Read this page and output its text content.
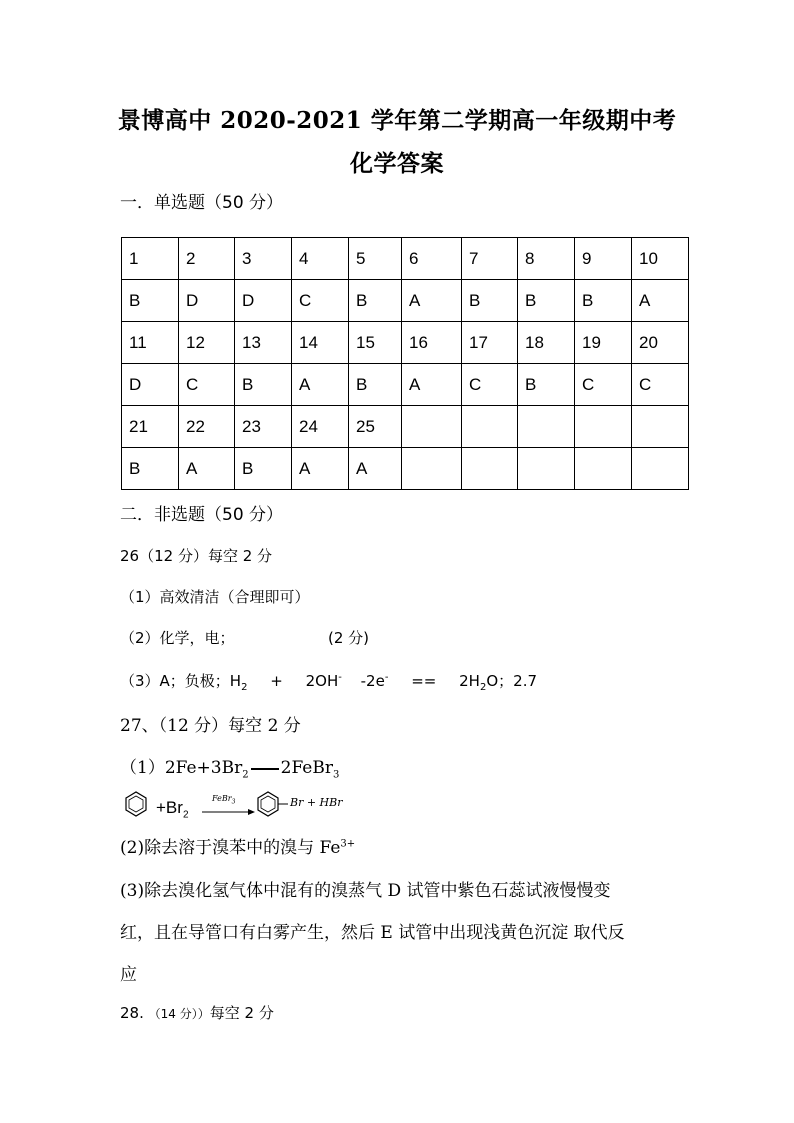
景博高中 2020-2021 学年第二学期高一年级期中考
化学答案
一．单选题（50 分）
1	2	3	4	5	6	7	8	9	10
B	D	D	C	B	A	B	B	B	A
11	12	13	14	15	16	17	18	19	20
D	C	B	A	B	A	C	B	C	C
21	22	23	24	25					
B	A	B	A	A					
二．非选题（50 分）
26（12 分）每空 2 分
（1）高效清洁（合理即可）
（2）化学，电；	(2 分)
（3）A；负极；$H_2 + 2OH^-$ $-2e^- == 2H_2O$；2.7
27、（12 分）每空 2 分
$(1)2Fe+3Br_2$ 2FeBr$_3$
$+Br_2$
FeBr$_3$	Br + HBr
(2)除去溶于溴苯中的溴与 $Fe^{3+}$
(3)除去溴化氢气体中混有的溴蒸气 D 试管中紫色石蕊试液慢慢变
红，且在导管口有白雾产生，然后 E 试管中出现浅黄色沉淀 取代反
应
28. （14 分））每空 2 分
